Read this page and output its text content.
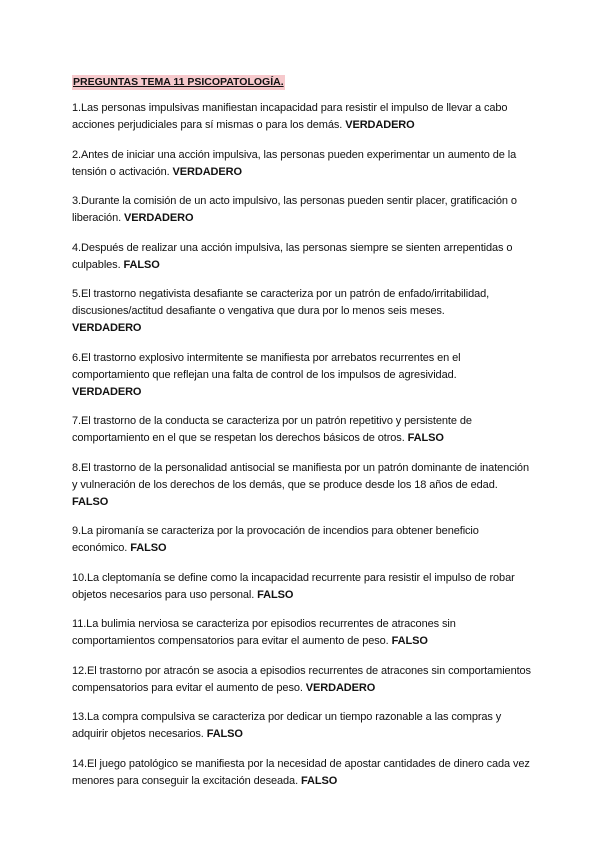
PREGUNTAS TEMA 11 PSICOPATOLOGÍA.

1.Las personas impulsivas manifiestan incapacidad para resistir el impulso de llevar a cabo acciones perjudiciales para sí mismas o para los demás. VERDADERO

2.Antes de iniciar una acción impulsiva, las personas pueden experimentar un aumento de la tensión o activación. VERDADERO

3.Durante la comisión de un acto impulsivo, las personas pueden sentir placer, gratificación o liberación. VERDADERO

4.Después de realizar una acción impulsiva, las personas siempre se sienten arrepentidas o culpables. FALSO

5.El trastorno negativista desafiante se caracteriza por un patrón de enfado/irritabilidad, discusiones/actitud desafiante o vengativa que dura por lo menos seis meses.
VERDADERO

6.El trastorno explosivo intermitente se manifiesta por arrebatos recurrentes en el comportamiento que reflejan una falta de control de los impulsos de agresividad.
VERDADERO

7.El trastorno de la conducta se caracteriza por un patrón repetitivo y persistente de comportamiento en el que se respetan los derechos básicos de otros. FALSO

8.El trastorno de la personalidad antisocial se manifiesta por un patrón dominante de inatención y vulneración de los derechos de los demás, que se produce desde los 18 años de edad. FALSO

9.La piromanía se caracteriza por la provocación de incendios para obtener beneficio económico. FALSO

10.La cleptomanía se define como la incapacidad recurrente para resistir el impulso de robar objetos necesarios para uso personal. FALSO

11.La bulimia nerviosa se caracteriza por episodios recurrentes de atracones sin comportamientos compensatorios para evitar el aumento de peso. FALSO

12.El trastorno por atracón se asocia a episodios recurrentes de atracones sin comportamientos compensatorios para evitar el aumento de peso. VERDADERO

13.La compra compulsiva se caracteriza por dedicar un tiempo razonable a las compras y adquirir objetos necesarios. FALSO

14.El juego patológico se manifiesta por la necesidad de apostar cantidades de dinero cada vez menores para conseguir la excitación deseada. FALSO
